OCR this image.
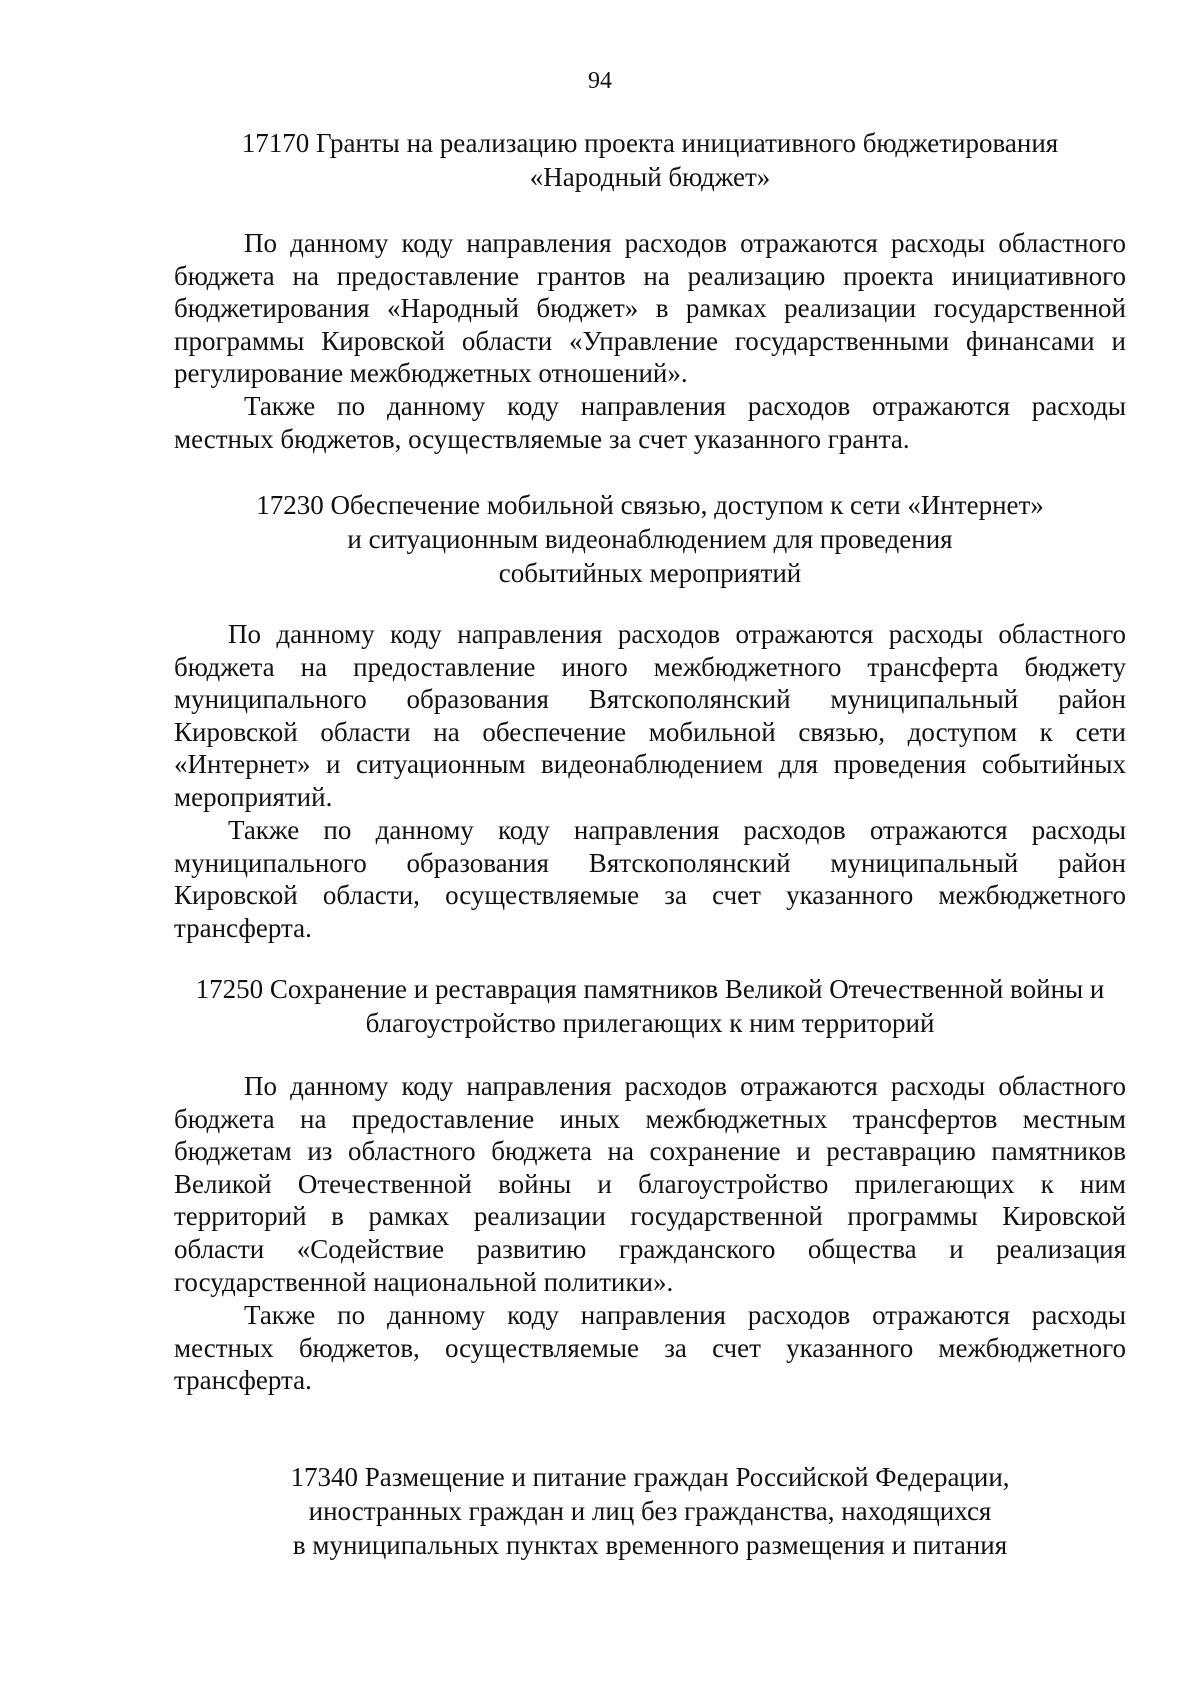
94
17170 Гранты на реализацию проекта инициативного бюджетирования
«Народный бюджет»
По данному коду направления расходов отражаются расходы областного
бюджета на предоставление грантов на реализацию проекта инициативного
бюджетирования «Народный бюджет» в рамках реализации государственной
программы Кировской области «Управление государственными финансами и
регулирование межбюджетных отношений».
Также по данному коду направления расходов отражаются расходы
местных бюджетов, осуществляемые за счет указанного гранта.
17230 Обеспечение мобильной связью, доступом к сети «Интернет»
и ситуационным видеонаблюдением для проведения
событийных мероприятий
По данному коду направления расходов отражаются расходы областного
бюджета на предоставление иного межбюджетного трансферта бюджету
муниципального образования Вятскополянский муниципальный район
Кировской области на обеспечение мобильной связью, доступом к сети
«Интернет» и ситуационным видеонаблюдением для проведения событийных
мероприятий.
Также по данному коду направления расходов отражаются расходы
муниципального образования Вятскополянский муниципальный район
Кировской области, осуществляемые за счет указанного межбюджетного
трансферта.
17250 Сохранение и реставрация памятников Великой Отечественной войны и
благоустройство прилегающих к ним территорий
По данному коду направления расходов отражаются расходы областного
бюджета на предоставление иных межбюджетных трансфертов местным
бюджетам из областного бюджета на сохранение и реставрацию памятников
Великой Отечественной войны и благоустройство прилегающих к ним
территорий в рамках реализации государственной программы Кировской
области «Содействие развитию гражданского общества и реализация
государственной национальной политики».
Также по данному коду направления расходов отражаются расходы
местных бюджетов, осуществляемые за счет указанного межбюджетного
трансферта.
17340 Размещение и питание граждан Российской Федерации,
иностранных граждан и лиц без гражданства, находящихся
в муниципальных пунктах временного размещения и питания
